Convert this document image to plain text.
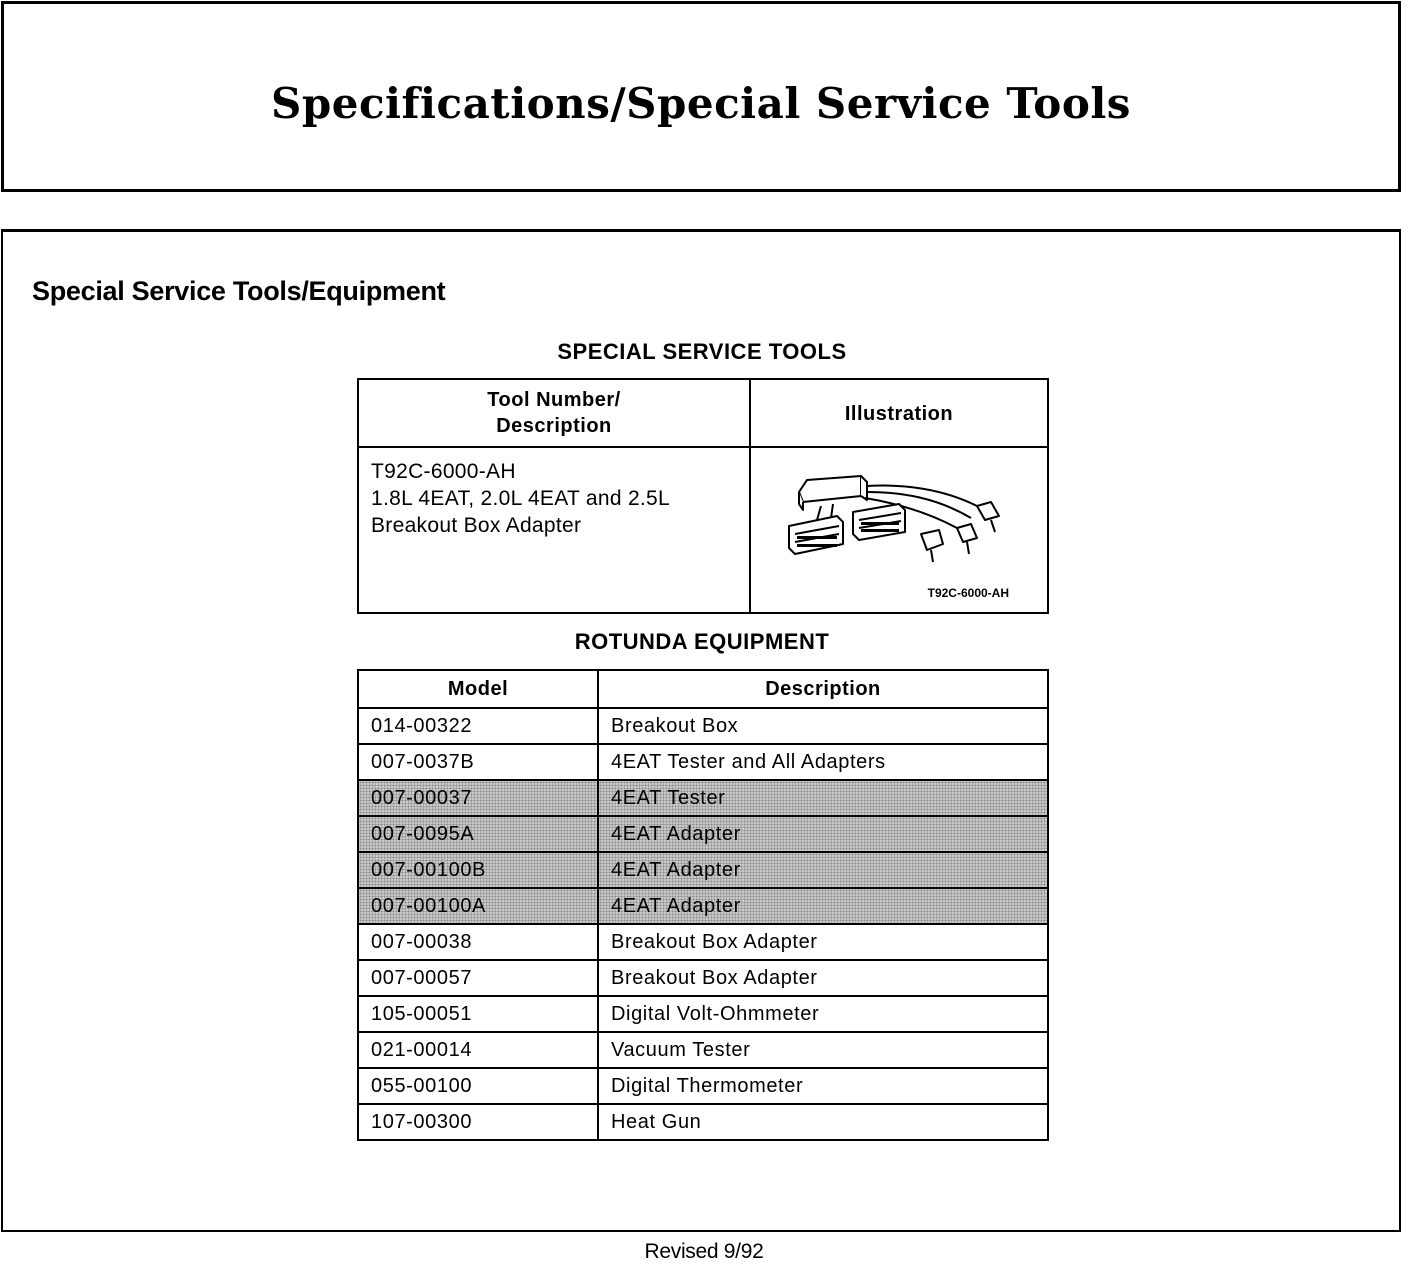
Specifications/Special Service Tools
Special Service Tools/Equipment
SPECIAL SERVICE TOOLS
Tool Number/
Description	Illustration

T92C-6000-AH
1.8L 4EAT, 2.0L 4EAT and 2.5L
Breakout Box Adapter	T92C-6000-AH
ROTUNDA EQUIPMENT
Model	Description
014-00322	Breakout Box
007-0037B	4EAT Tester and All Adapters
007-00037	4EAT Tester
007-0095A	4EAT Adapter
007-00100B	4EAT Adapter
007-00100A	4EAT Adapter
007-00038	Breakout Box Adapter
007-00057	Breakout Box Adapter
105-00051	Digital Volt-Ohmmeter
021-00014	Vacuum Tester
055-00100	Digital Thermometer
107-00300	Heat Gun
Revised 9/92
